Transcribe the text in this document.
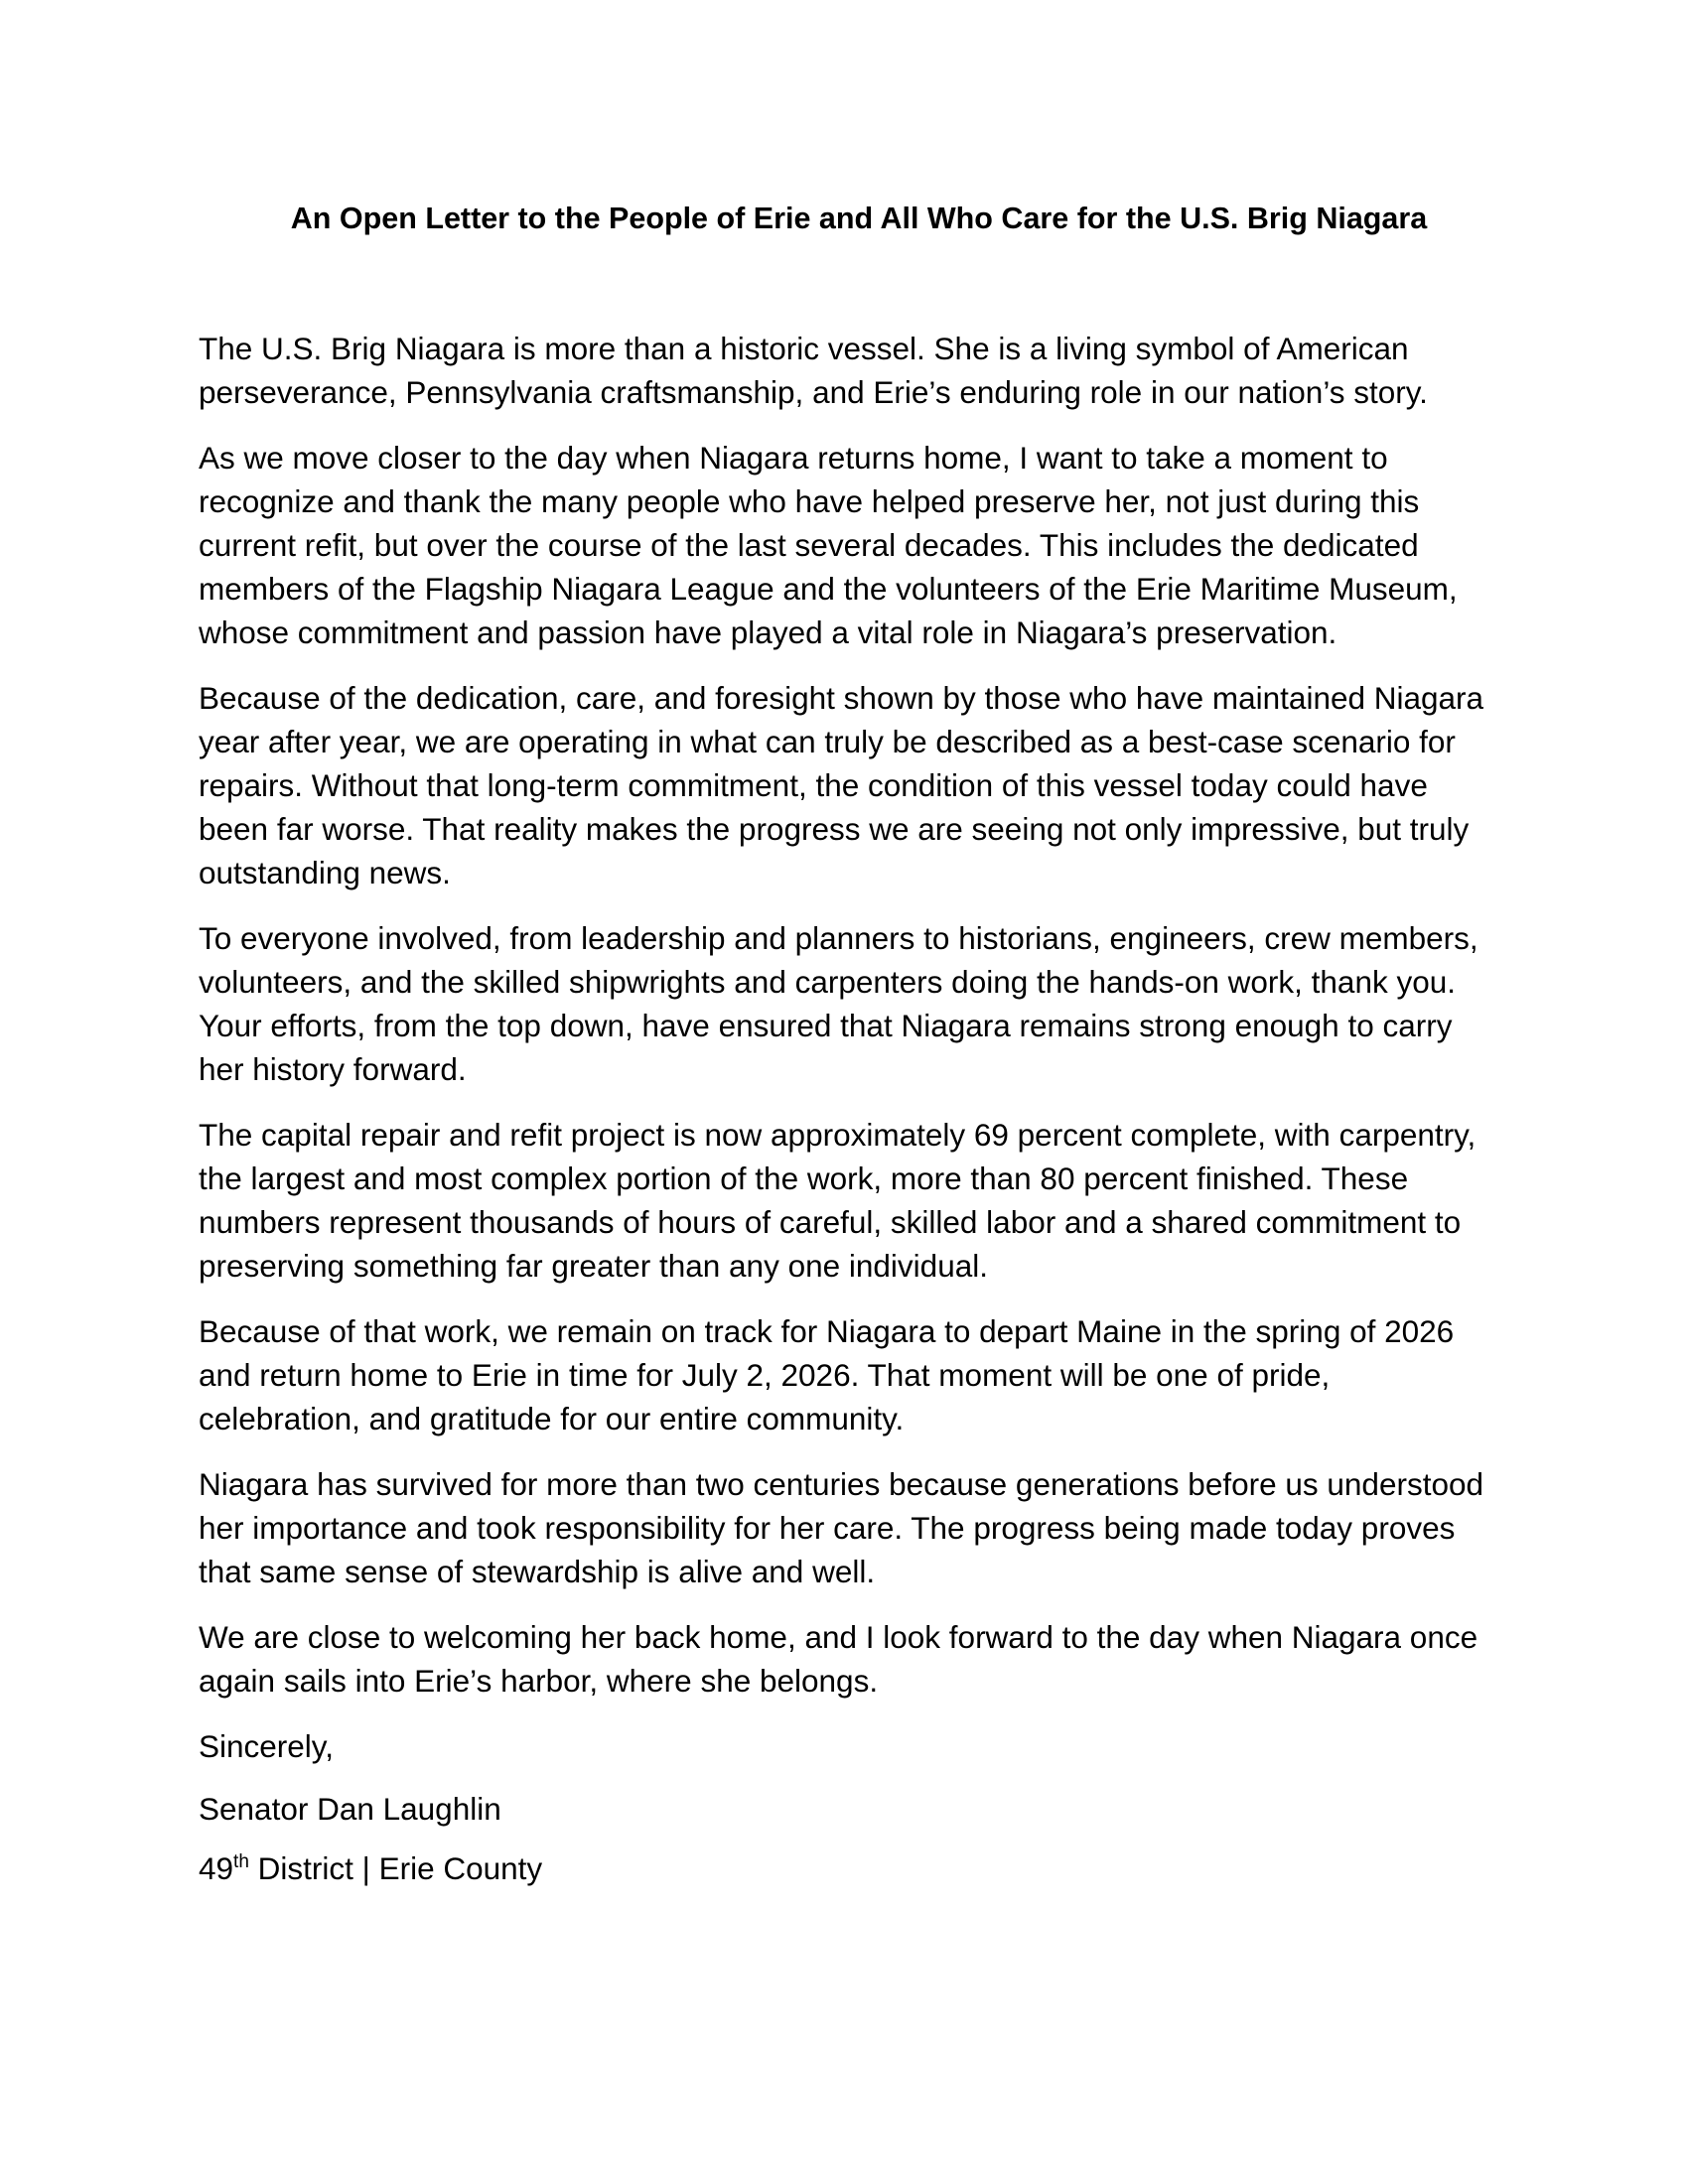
An Open Letter to the People of Erie and All Who Care for the U.S. Brig Niagara

The U.S. Brig Niagara is more than a historic vessel. She is a living symbol of American perseverance, Pennsylvania craftsmanship, and Erie’s enduring role in our nation’s story.

As we move closer to the day when Niagara returns home, I want to take a moment to recognize and thank the many people who have helped preserve her, not just during this current refit, but over the course of the last several decades. This includes the dedicated members of the Flagship Niagara League and the volunteers of the Erie Maritime Museum, whose commitment and passion have played a vital role in Niagara’s preservation.

Because of the dedication, care, and foresight shown by those who have maintained Niagara year after year, we are operating in what can truly be described as a best-case scenario for repairs. Without that long-term commitment, the condition of this vessel today could have been far worse. That reality makes the progress we are seeing not only impressive, but truly outstanding news.

To everyone involved, from leadership and planners to historians, engineers, crew members, volunteers, and the skilled shipwrights and carpenters doing the hands-on work, thank you. Your efforts, from the top down, have ensured that Niagara remains strong enough to carry her history forward.

The capital repair and refit project is now approximately 69 percent complete, with carpentry, the largest and most complex portion of the work, more than 80 percent finished. These numbers represent thousands of hours of careful, skilled labor and a shared commitment to preserving something far greater than any one individual.

Because of that work, we remain on track for Niagara to depart Maine in the spring of 2026 and return home to Erie in time for July 2, 2026. That moment will be one of pride, celebration, and gratitude for our entire community.

Niagara has survived for more than two centuries because generations before us understood her importance and took responsibility for her care. The progress being made today proves that same sense of stewardship is alive and well.

We are close to welcoming her back home, and I look forward to the day when Niagara once again sails into Erie’s harbor, where she belongs.

Sincerely,

Senator Dan Laughlin

49th District | Erie County
